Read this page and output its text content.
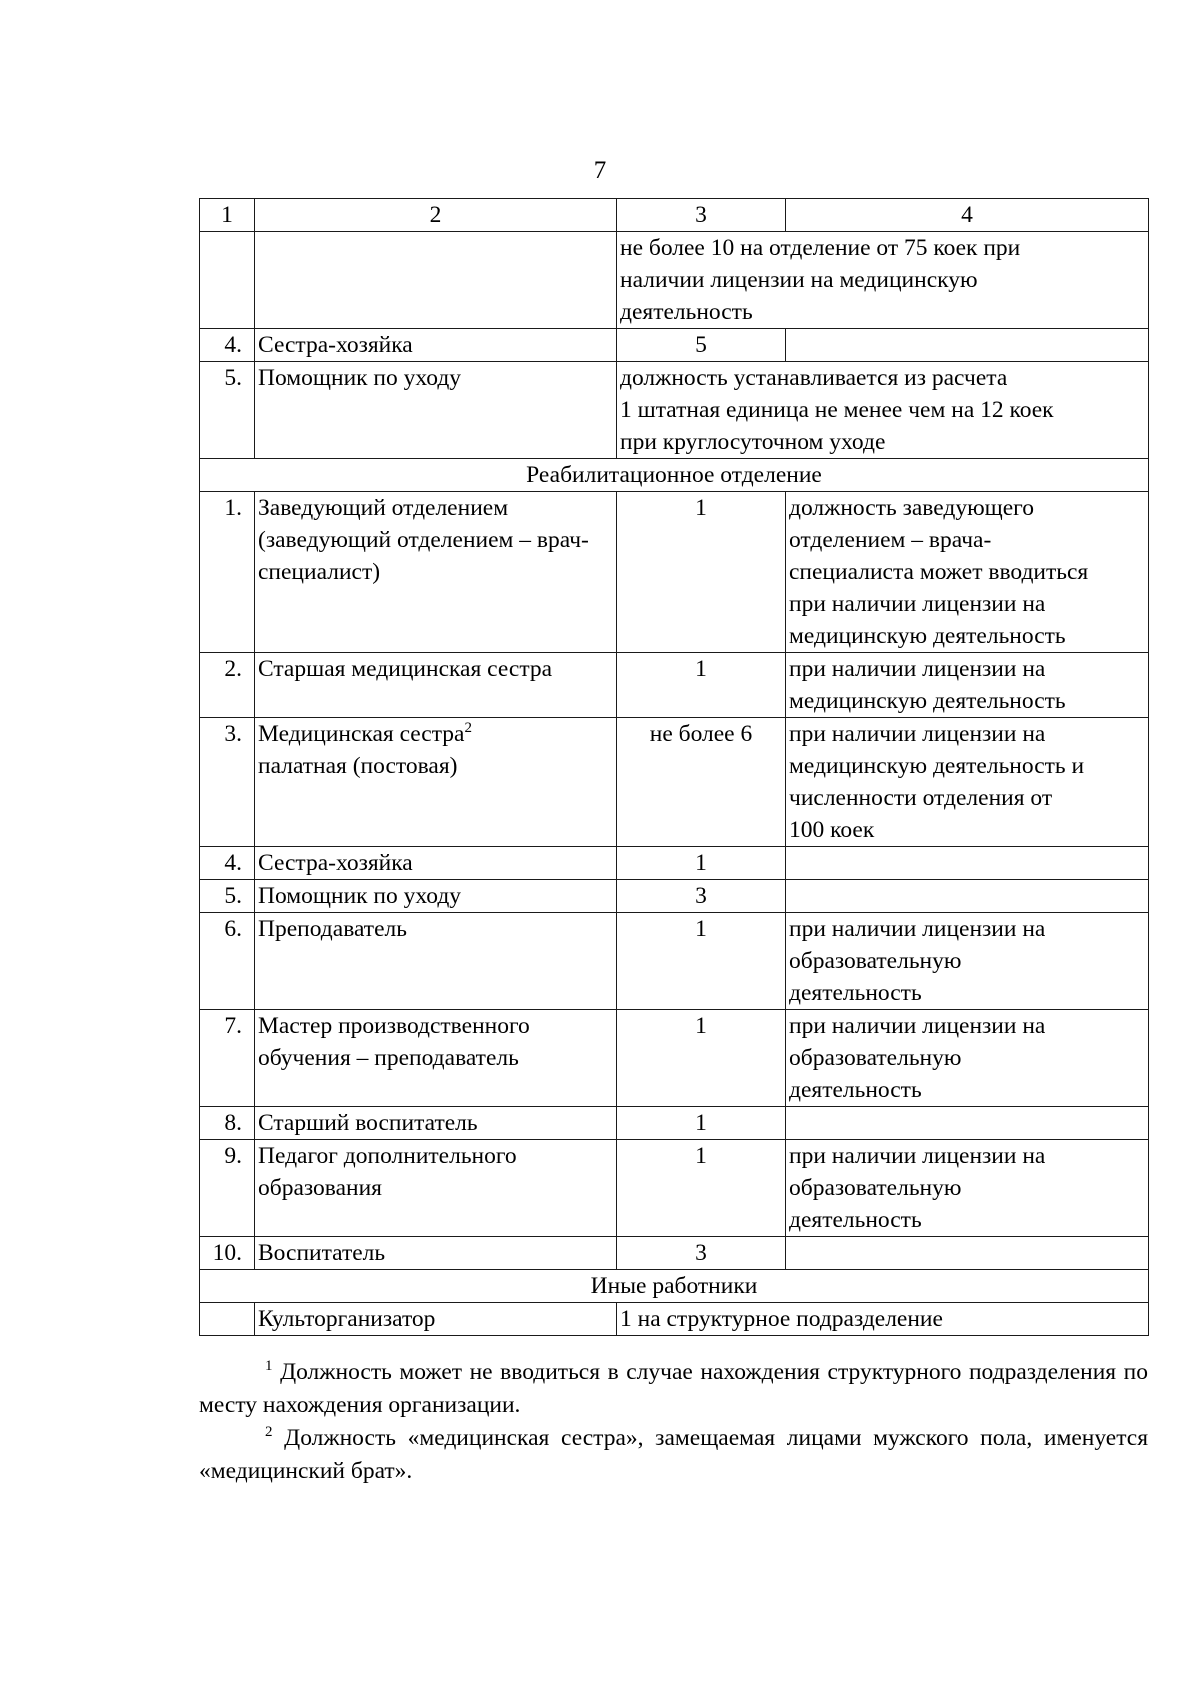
7
1	2	3	4

		не более 10 на отделение от 75 коек при
наличии лицензии на медицинскую
деятельность	

4.	Сестра-хозяйка	5	
5.	Помощник по уходу	должность устанавливается из расчета
1 штатная единица не менее чем на 12 коек
при круглосуточном уходе	

Реабилитационное отделение			
1.	Заведующий отделением (заведующий отделением – врач-специалист)	1	должность заведующего
отделением – врача-
специалиста может вводиться
при наличии лицензии на
медицинскую деятельность

2.	Старшая медицинская сестра	1	при наличии лицензии на
медицинскую деятельность

3.	Медицинская сестра$^2$
палатная (постовая)	не более 6	при наличии лицензии на
медицинскую деятельность и
численности отделения от
100 коек

4.	Сестра-хозяйка	1	
5.	Помощник по уходу	3	
6.	Преподаватель	1	при наличии лицензии на
образовательную
деятельность

7.	Мастер производственного обучения – преподаватель	1	при наличии лицензии на
образовательную
деятельность

8.	Старший воспитатель	1	
9.	Педагог дополнительного образования	1	при наличии лицензии на
образовательную
деятельность

10.	Воспитатель	3	
Иные работники			
	Культорганизатор	1 на структурное подразделение	

$^1$ Должность может не вводиться в случае нахождения структурного подразделения по месту нахождения организации.

$^2$ Должность «медицинская сестра», замещаемая лицами мужского пола, именуется «медицинский брат».
